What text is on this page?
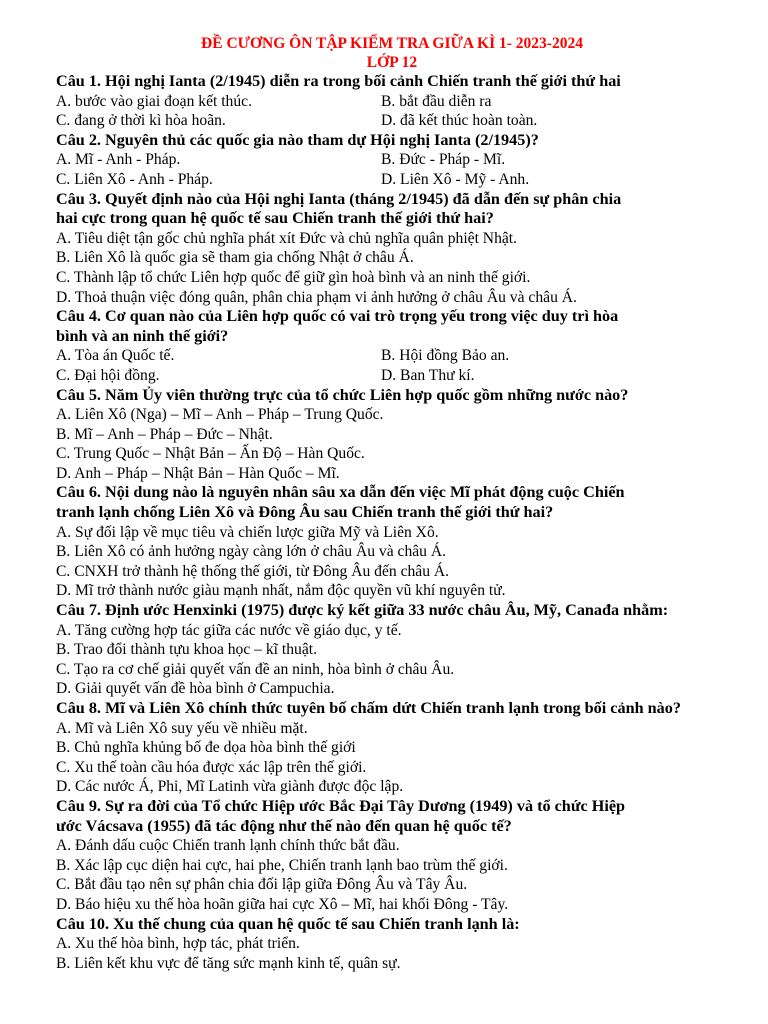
ĐỀ CƯƠNG ÔN TẬP KIỂM TRA GIỮA KÌ 1- 2023-2024
LỚP 12
Câu 1. Hội nghị Ianta (2/1945) diễn ra trong bối cảnh Chiến tranh thế giới thứ hai
A. bước vào giai đoạn kết thúc.	B. bắt đầu diễn ra
C. đang ở thời kì hòa hoãn.	D. đã kết thúc hoàn toàn.
Câu 2. Nguyên thủ các quốc gia nào tham dự Hội nghị Ianta (2/1945)?
A. Mĩ - Anh - Pháp.	B. Đức - Pháp - Mĩ.
C. Liên Xô - Anh - Pháp.	D. Liên Xô - Mỹ - Anh.
Câu 3. Quyết định nào của Hội nghị Ianta (tháng 2/1945) đã dẫn đến sự phân chia
hai cực trong quan hệ quốc tế sau Chiến tranh thế giới thứ hai?
A. Tiêu diệt tận gốc chủ nghĩa phát xít Đức và chủ nghĩa quân phiệt Nhật.
B. Liên Xô là quốc gia sẽ tham gia chống Nhật ở châu Á.
C. Thành lập tổ chức Liên hợp quốc để giữ gìn hoà bình và an ninh thế giới.
D. Thoả thuận việc đóng quân, phân chia phạm vi ảnh hưởng ở châu Âu và châu Á.
Câu 4. Cơ quan nào của Liên hợp quốc có vai trò trọng yếu trong việc duy trì hòa
bình và an ninh thế giới?
A. Tòa án Quốc tế.	B. Hội đồng Bảo an.
C. Đại hội đồng.	D. Ban Thư kí.
Câu 5. Năm Ủy viên thường trực của tổ chức Liên hợp quốc gồm những nước nào?
A. Liên Xô (Nga) – Mĩ – Anh – Pháp – Trung Quốc.
B. Mĩ – Anh – Pháp – Đức – Nhật.
C. Trung Quốc – Nhật Bản – Ấn Độ – Hàn Quốc.
D. Anh – Pháp – Nhật Bản – Hàn Quốc – Mĩ.
Câu 6. Nội dung nào là nguyên nhân sâu xa dẫn đến việc Mĩ phát động cuộc Chiến
tranh lạnh chống Liên Xô và Đông Âu sau Chiến tranh thế giới thứ hai?
A. Sự đối lập về mục tiêu và chiến lược giữa Mỹ và Liên Xô.
B. Liên Xô có ảnh hưởng ngày càng lớn ở châu Âu và châu Á.
C. CNXH trở thành hệ thống thế giới, từ Đông Âu đến châu Á.
D. Mĩ trở thành nước giàu mạnh nhất, nắm độc quyền vũ khí nguyên tử.
Câu 7. Định ước Henxinki (1975) được ký kết giữa 33 nước châu Âu, Mỹ, Canađa nhằm:
A. Tăng cường hợp tác giữa các nước về giáo dục, y tế.
B. Trao đổi thành tựu khoa học – kĩ thuật.
C. Tạo ra cơ chế giải quyết vấn đề an ninh, hòa bình ở châu Âu.
D. Giải quyết vấn đề hòa bình ở Campuchia.
Câu 8. Mĩ và Liên Xô chính thức tuyên bố chấm dứt Chiến tranh lạnh trong bối cảnh nào?
A. Mĩ và Liên Xô suy yếu về nhiều mặt.
B. Chủ nghĩa khủng bố đe dọa hòa bình thế giới
C. Xu thế toàn cầu hóa được xác lập trên thế giới.
D. Các nước Á, Phi, Mĩ Latinh vừa giành được độc lập.
Câu 9. Sự ra đời của Tổ chức Hiệp ước Bắc Đại Tây Dương (1949) và tổ chức Hiệp
ước Vácsava (1955) đã tác động như thế nào đến quan hệ quốc tế?
A. Đánh dấu cuộc Chiến tranh lạnh chính thức bắt đầu.
B. Xác lập cục diện hai cực, hai phe, Chiến tranh lạnh bao trùm thế giới.
C. Bắt đầu tạo nên sự phân chia đối lập giữa Đông Âu và Tây Âu.
D. Báo hiệu xu thế hòa hoãn giữa hai cực Xô – Mĩ, hai khối Đông - Tây.
Câu 10. Xu thế chung của quan hệ quốc tế sau Chiến tranh lạnh là:
A. Xu thế hòa bình, hợp tác, phát triển.
B. Liên kết khu vực để tăng sức mạnh kinh tế, quân sự.
